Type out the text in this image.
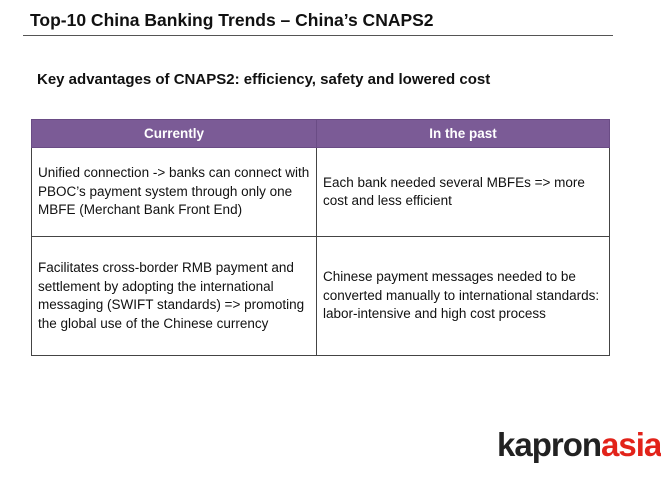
Top-10 China Banking Trends – China’s CNAPS2
Key advantages of CNAPS2: efficiency, safety and lowered cost
Currently	In the past
Unified connection -> banks can connect with PBOC’s payment system through only one MBFE (Merchant Bank Front End)	Each bank needed several MBFEs => more cost and less efficient
Facilitates cross-border RMB payment and settlement by adopting the international messaging (SWIFT standards) => promoting the global use of the Chinese currency	Chinese payment messages needed to be converted manually to international standards: labor-intensive and high cost process
kapronasia
